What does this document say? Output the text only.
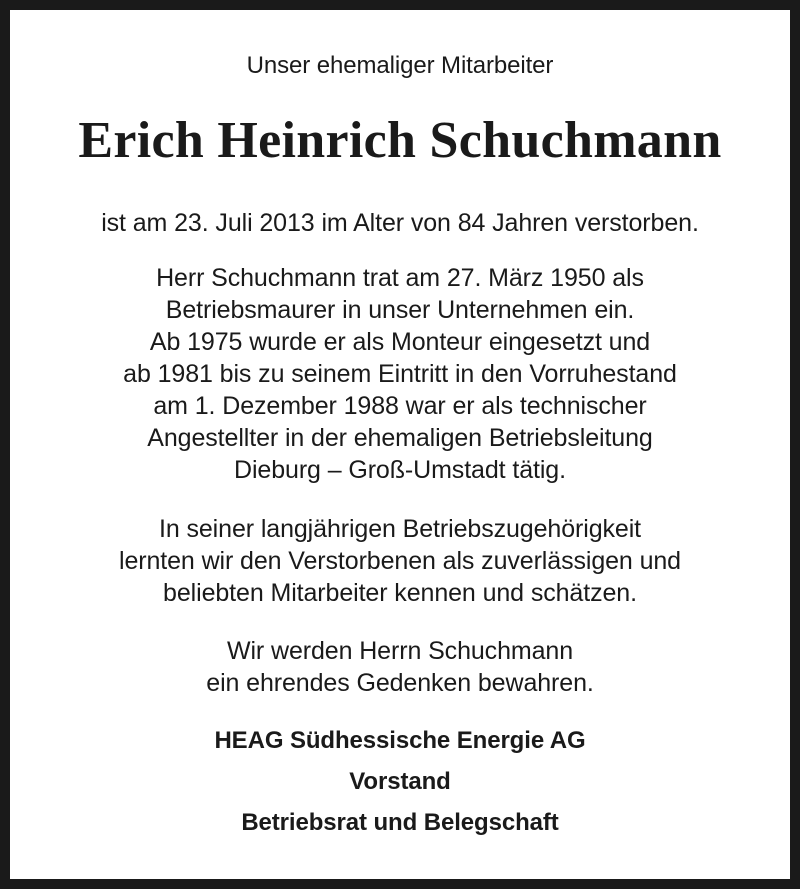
Unser ehemaliger Mitarbeiter
Erich Heinrich Schuchmann
ist am 23. Juli 2013 im Alter von 84 Jahren verstorben.
Herr Schuchmann trat am 27. März 1950 als
Betriebsmaurer in unser Unternehmen ein.
Ab 1975 wurde er als Monteur eingesetzt und
ab 1981 bis zu seinem Eintritt in den Vorruhestand
am 1. Dezember 1988 war er als technischer
Angestellter in der ehemaligen Betriebsleitung
Dieburg – Groß-Umstadt tätig.
In seiner langjährigen Betriebszugehörigkeit
lernten wir den Verstorbenen als zuverlässigen und
beliebten Mitarbeiter kennen und schätzen.
Wir werden Herrn Schuchmann
ein ehrendes Gedenken bewahren.
HEAG Südhessische Energie AG
Vorstand
Betriebsrat und Belegschaft
